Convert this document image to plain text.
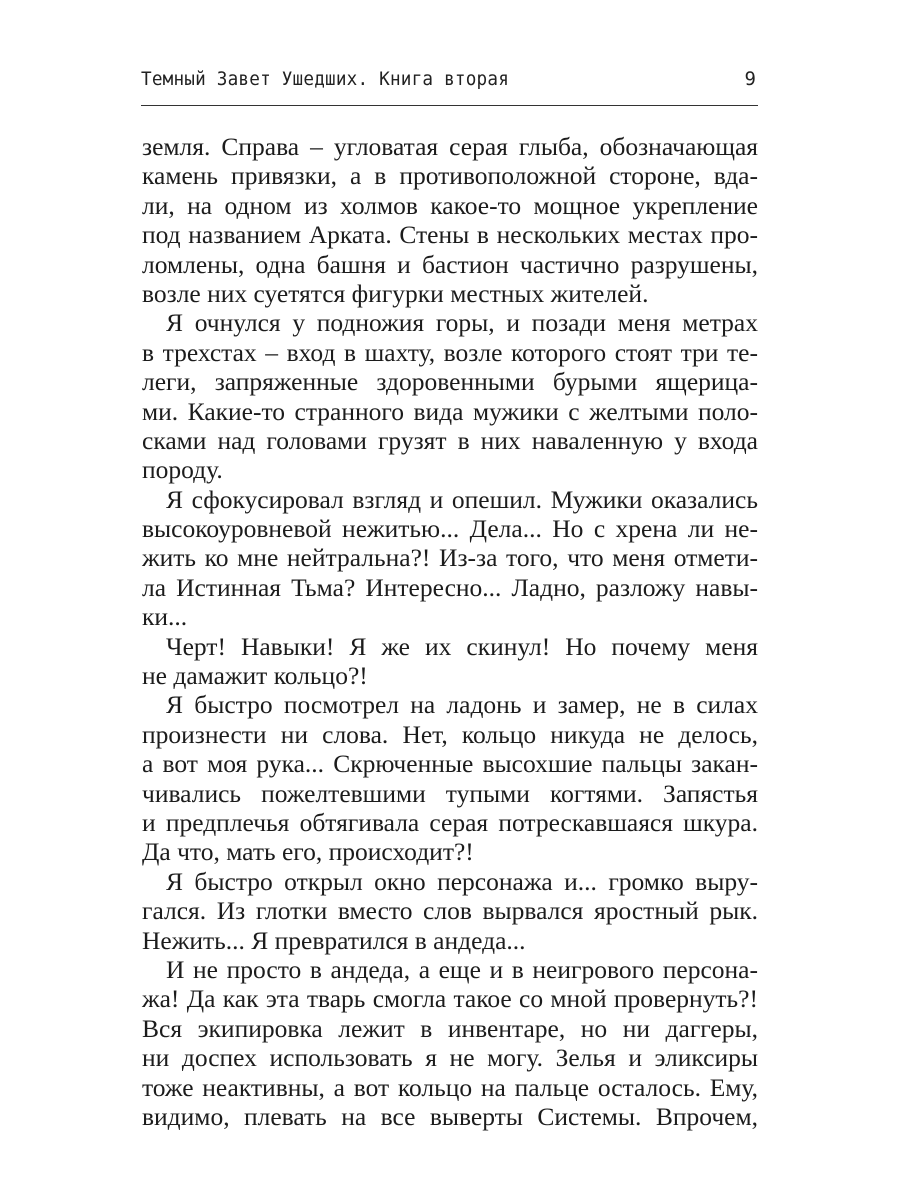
Темный Завет Ушедших. Книга вторая	9
земля. Справа – угловатая серая глыба, обозначающая
камень привязки, а в противоположной стороне, вда-
ли, на одном из холмов какое-то мощное укрепление
под названием Арката. Стены в нескольких местах про-
ломлены, одна башня и бастион частично разрушены,
возле них суетятся фигурки местных жителей.
Я очнулся у подножия горы, и позади меня метрах
в трехстах – вход в шахту, возле которого стоят три те-
леги, запряженные здоровенными бурыми ящерица-
ми. Какие-то странного вида мужики с желтыми поло-
сками над головами грузят в них наваленную у входа
породу.
Я сфокусировал взгляд и опешил. Мужики оказались
высокоуровневой нежитью... Дела... Но с хрена ли не-
жить ко мне нейтральна?! Из-за того, что меня отмети-
ла Истинная Тьма? Интересно... Ладно, разложу навы-
ки...
Черт! Навыки! Я же их скинул! Но почему меня
не дамажит кольцо?!
Я быстро посмотрел на ладонь и замер, не в силах
произнести ни слова. Нет, кольцо никуда не делось,
а вот моя рука... Скрюченные высохшие пальцы закан-
чивались пожелтевшими тупыми когтями. Запястья
и предплечья обтягивала серая потрескавшаяся шкура.
Да что, мать его, происходит?!
Я быстро открыл окно персонажа и... громко выру-
гался. Из глотки вместо слов вырвался яростный рык.
Нежить... Я превратился в андеда...
И не просто в андеда, а еще и в неигрового персона-
жа! Да как эта тварь смогла такое со мной провернуть?!
Вся экипировка лежит в инвентаре, но ни даггеры,
ни доспех использовать я не могу. Зелья и эликсиры
тоже неактивны, а вот кольцо на пальце осталось. Ему,
видимо, плевать на все выверты Системы. Впрочем,
